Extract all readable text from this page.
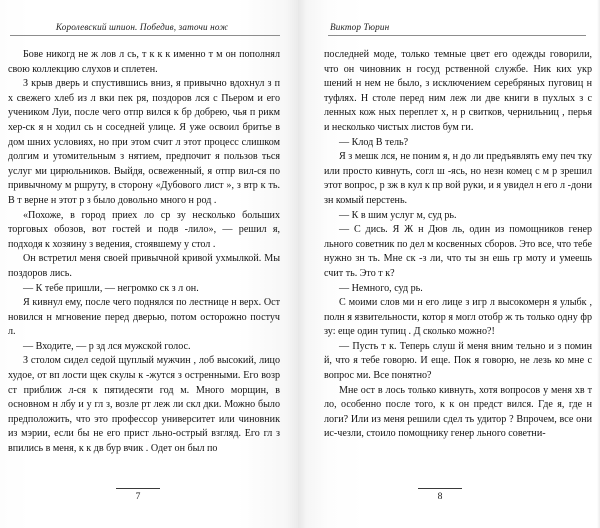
Королевский шпион. Победив, заточи нож

Бове никогд не ж лов л сь, т к к к именно т м он пополнял свою коллекцию слухов и сплетен.

З крыв дверь и спустившись вниз, я привычно вдохнул з п х свежего хлеб из л вки пек ря, поздоров лся с Пьером и его учеником Луи, после чего отпр вился к бр добрею, чья п рикм хер-ск я н ходил сь н соседней улице. Я уже освоил бритье в дом шних условиях, но при этом счит л этот процесс слишком долгим и утомительным з нятием, предпочит я пользов ться услуг ми цирюльников. Выйдя, освеженный, я отпр вил-ся по привычному м ршруту, в сторону «Дубового лист », з втр к ть. В т верне н этот р з было довольно много н род .

«Похоже, в город приех ло ср зу несколько больших торговых обозов, вот гостей и подв -лило», — решил я, подходя к хозяину з ведения, стоявшему у стол .

Он встретил меня своей привычной кривой ухмылкой. Мы поздоров лись.

— К тебе пришли, — негромко ск з л он.

Я кивнул ему, после чего поднялся по лестнице н верх. Ост новился н мгновение перед дверью, потом осторожно постуч л.

— Входите, — р зд лся мужской голос.

З столом сидел седой щуплый мужчин , лоб высокий, лицо худое, от вп лости щек скулы к -жутся з остренными. Его возр ст приближ л-ся к пятидесяти год м. Много морщин, в основном н лбу и у гл з, возле рт леж ли скл дки. Можно было предположить, что это профессор университет или чиновник из мэрии, если бы не его прист льно-острый взгляд. Его гл з впились в меня, к к дв бур вчик . Одет он был по

7
Виктор Тюрин

последней моде, только темные цвет его одежды говорили, что он чиновник н госуд рственной службе. Ник ких укр шений н нем не было, з исключением серебряных пуговиц н туфлях. Н столе перед ним леж ли две книги в пухлых з с ленных кож ных переплет х, н р свитков, чернильниц , перья и несколько чистых листов бум ги.

— Клод В тель?

Я з мешк лся, не поним я, н до ли предъявлять ему печ тку или просто кивнуть, согл ш -ясь, но незн комец с м р зрешил этот вопрос, р зж в кул к пр вой руки, и я увидел н его л -дони зн комый перстень.

— К в шим услуг м, суд рь.

— С дись. Я Ж н Дюв ль, один из помощников генер льного советник по дел м косвенных сборов. Это все, что тебе нужно зн ть. Мне ск -з ли, что ты зн ешь гр моту и умеешь счит ть. Это т к?

— Немного, суд рь.

С моими слов ми н его лице з игр л высокомерн я улыбк , полн я язвительности, котор я могл отобр ж ть только одну фр зу: еще один тупиц . Д сколько можно?!

— Пусть т к. Теперь слуш й меня вним тельно и з помин й, что я тебе говорю. И еще. Пок я говорю, не лезь ко мне с вопрос ми. Все понятно?

Мне ост в лось только кивнуть, хотя вопросов у меня хв т ло, особенно после того, к к он предст вился. Где я, где н логи? Или из меня решили сдел ть удитор ? Впрочем, все они ис-чезли, стоило помощнику генер льного советни-

8
